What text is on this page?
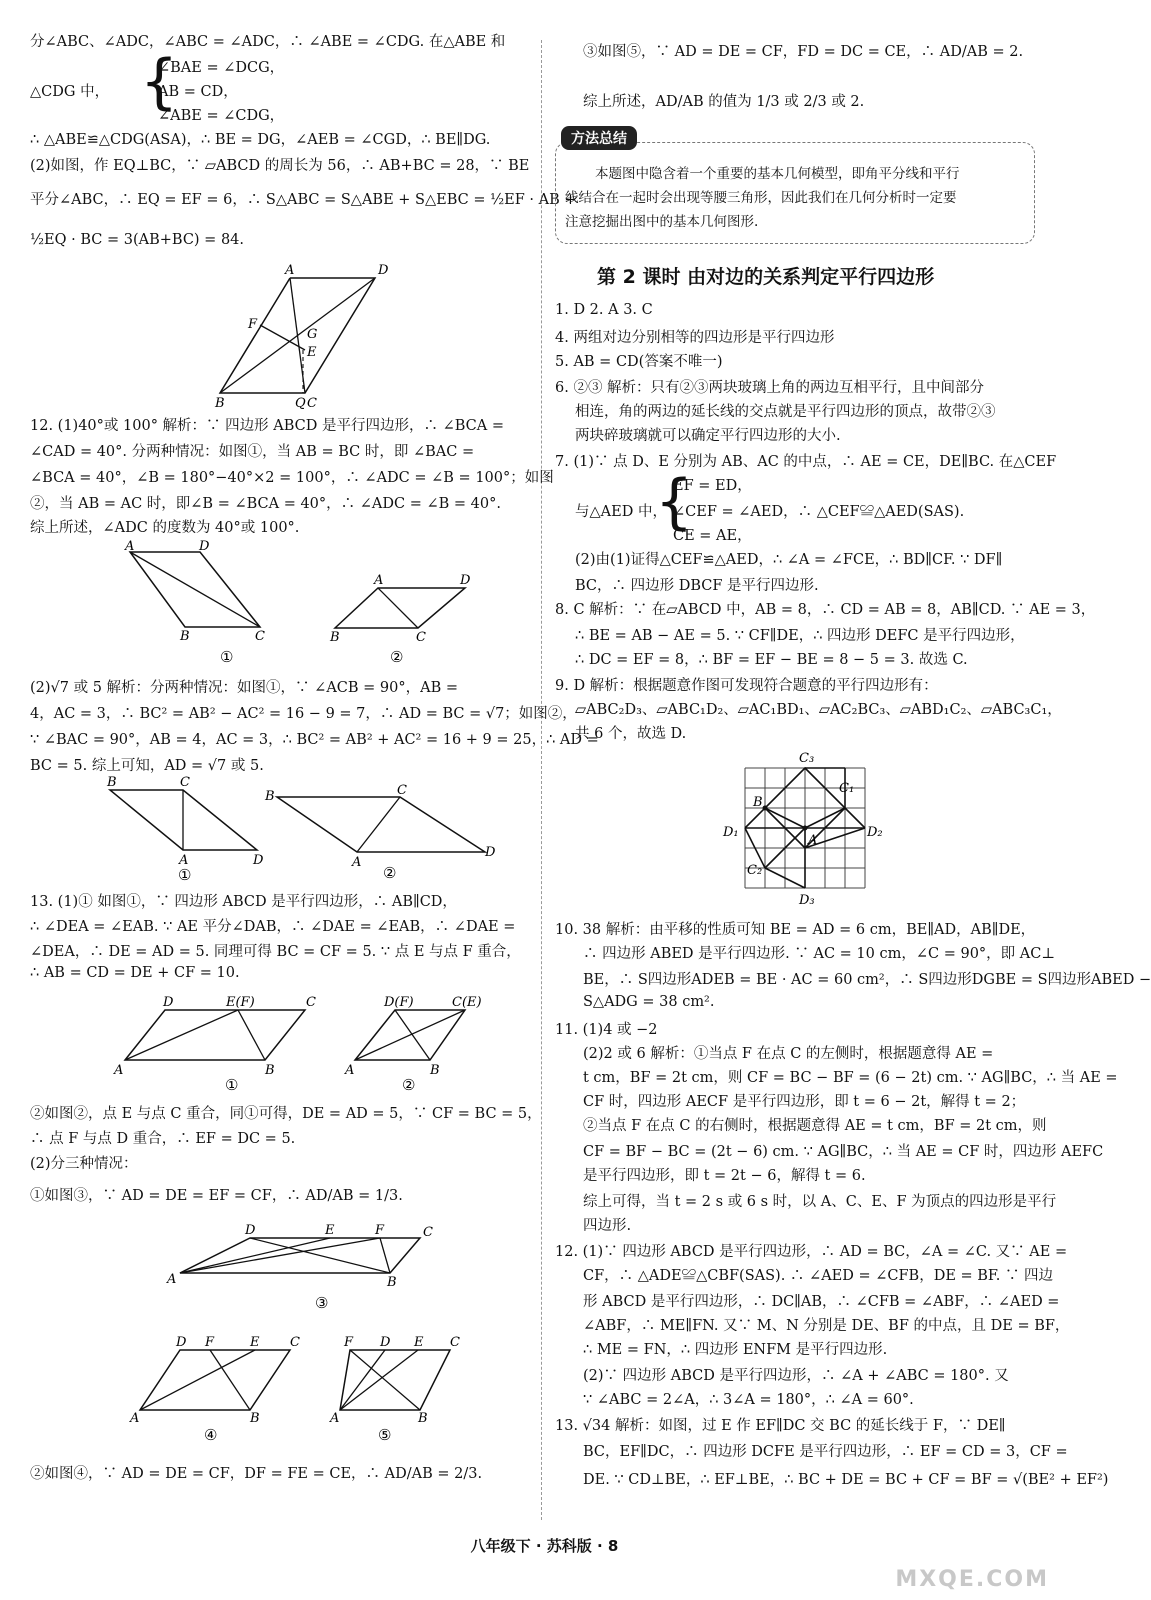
分∠ABC、∠ADC，∠ABC = ∠ADC，∴ ∠ABE = ∠CDG. 在△ABE 和
△CDG 中， {
∠BAE = ∠DCG，
AB = CD，
∠ABE = ∠CDG，
∴ △ABE≌△CDG(ASA)，∴ BE = DG，∠AEB = ∠CGD，∴ BE∥DG.
(2)如图，作 EQ⊥BC，∵ ▱ABCD 的周长为 56，∴ AB+BC = 28，∵ BE
平分∠ABC，∴ EQ = EF = 6，∴ S△ABC = S△ABE + S△EBC = ½EF · AB +
½EQ · BC = 3(AB+BC) = 84.
A	D
F
G
E
B	Q C
12. (1)40°或 100° 解析：∵ 四边形 ABCD 是平行四边形，∴ ∠BCA =
∠CAD = 40°. 分两种情况：如图①，当 AB = BC 时，即 ∠BAC =
∠BCA = 40°，∠B = 180°−40°×2 = 100°，∴ ∠ADC = ∠B = 100°；如图
②，当 AB = AC 时，即∠B = ∠BCA = 40°，∴ ∠ADC = ∠B = 40°.
综上所述，∠ADC 的度数为 40°或 100°.
A	D
B	C
①
A	D
B	C
②
(2)√7 或 5 解析：分两种情况：如图①，∵ ∠ACB = 90°，AB =
4，AC = 3，∴ BC² = AB² − AC² = 16 − 9 = 7，∴ AD = BC = √7；如图②，
∵ ∠BAC = 90°，AB = 4，AC = 3，∴ BC² = AB² + AC² = 16 + 9 = 25，∴ AD =
BC = 5. 综上可知，AD = √7 或 5.
B	C
A	D
①
B	C
A
D
②
13. (1)① 如图①，∵ 四边形 ABCD 是平行四边形，∴ AB∥CD，
∴ ∠DEA = ∠EAB. ∵ AE 平分∠DAB，∴ ∠DAE = ∠EAB，∴ ∠DAE =
∠DEA，∴ DE = AD = 5. 同理可得 BC = CF = 5. ∵ 点 E 与点 F 重合，
∴ AB = CD = DE + CF = 10.
D	E(F)	C
A	B
①
D(F)	C(E)
A	B
②
②如图②，点 E 与点 C 重合，同①可得，DE = AD = 5，∵ CF = BC = 5，
∴ 点 F 与点 D 重合，∴ EF = DC = 5.
(2)分三种情况：
①如图③，∵ AD = DE = EF = CF，∴ AD/AB = 1/3.
D	E	F	C
A	B
③
D F	E C
A	B
④
F D E C
A	B
⑤
②如图④，∵ AD = DE = CF，DF = FE = CE，∴ AD/AB = 2/3.
③如图⑤，∵ AD = DE = CF，FD = DC = CE，∴ AD/AB = 2.
综上所述，AD/AB 的值为 1/3 或 2/3 或 2.
方法总结
本题图中隐含着一个重要的基本几何模型，即角平分线和平行
线结合在一起时会出现等腰三角形，因此我们在几何分析时一定要
注意挖掘出图中的基本几何图形.
第 2 课时 由对边的关系判定平行四边形
1. D 2. A 3. C
4. 两组对边分别相等的四边形是平行四边形
5. AB = CD(答案不唯一)
6. ②③ 解析：只有②③两块玻璃上角的两边互相平行，且中间部分
相连，角的两边的延长线的交点就是平行四边形的顶点，故带②③
两块碎玻璃就可以确定平行四边形的大小.
7. (1)∵ 点 D、E 分别为 AB、AC 的中点，∴ AE = CE，DE∥BC. 在△CEF
与△AED 中，
{
EF = ED，
∠CEF = ∠AED，∴ △CEF≌△AED(SAS).
CE = AE，
(2)由(1)证得△CEF≌△AED，∴ ∠A = ∠FCE，∴ BD∥CF. ∵ DF∥
BC，∴ 四边形 DBCF 是平行四边形.
8. C 解析：∵ 在▱ABCD 中，AB = 8，∴ CD = AB = 8，AB∥CD. ∵ AE = 3，
∴ BE = AB − AE = 5. ∵ CF∥DE，∴ 四边形 DEFC 是平行四边形，
∴ DC = EF = 8，∴ BF = EF − BE = 8 − 5 = 3. 故选 C.
9. D 解析：根据题意作图可发现符合题意的平行四边形有：
▱ABC₂D₃、▱ABC₁D₂、▱AC₁BD₁、▱AC₂BC₃、▱ABD₁C₂、▱ABC₃C₁，
共 6 个，故选 D.
C₃
B
C₁
D₁
A
D₂
C₂
D₃
10. 38 解析：由平移的性质可知 BE = AD = 6 cm，BE∥AD，AB∥DE，
∴ 四边形 ABED 是平行四边形. ∵ AC = 10 cm，∠C = 90°，即 AC⊥
BE，∴ S四边形ADEB = BE · AC = 60 cm²，∴ S四边形DGBE = S四边形ABED −
S△ADG = 38 cm².
11. (1)4 或 −2
(2)2 或 6 解析：①当点 F 在点 C 的左侧时，根据题意得 AE =
t cm，BF = 2t cm，则 CF = BC − BF = (6 − 2t) cm. ∵ AG∥BC，∴ 当 AE =
CF 时，四边形 AECF 是平行四边形，即 t = 6 − 2t，解得 t = 2；
②当点 F 在点 C 的右侧时，根据题意得 AE = t cm，BF = 2t cm，则
CF = BF − BC = (2t − 6) cm. ∵ AG∥BC，∴ 当 AE = CF 时，四边形 AEFC
是平行四边形，即 t = 2t − 6，解得 t = 6.
综上可得，当 t = 2 s 或 6 s 时，以 A、C、E、F 为顶点的四边形是平行
四边形.
12. (1)∵ 四边形 ABCD 是平行四边形，∴ AD = BC，∠A = ∠C. 又∵ AE =
CF，∴ △ADE≌△CBF(SAS). ∴ ∠AED = ∠CFB，DE = BF. ∵ 四边
形 ABCD 是平行四边形，∴ DC∥AB，∴ ∠CFB = ∠ABF，∴ ∠AED =
∠ABF，∴ ME∥FN. 又∵ M、N 分别是 DE、BF 的中点，且 DE = BF，
∴ ME = FN，∴ 四边形 ENFM 是平行四边形.
(2)∵ 四边形 ABCD 是平行四边形，∴ ∠A + ∠ABC = 180°. 又
∵ ∠ABC = 2∠A，∴ 3∠A = 180°，∴ ∠A = 60°.
13. √34 解析：如图，过 E 作 EF∥DC 交 BC 的延长线于 F，∵ DE∥
BC，EF∥DC，∴ 四边形 DCFE 是平行四边形，∴ EF = CD = 3，CF =
DE. ∵ CD⊥BE，∴ EF⊥BE，∴ BC + DE = BC + CF = BF = √(BE² + EF²)
八年级下 · 苏科版 · 8
MXQE.COM
